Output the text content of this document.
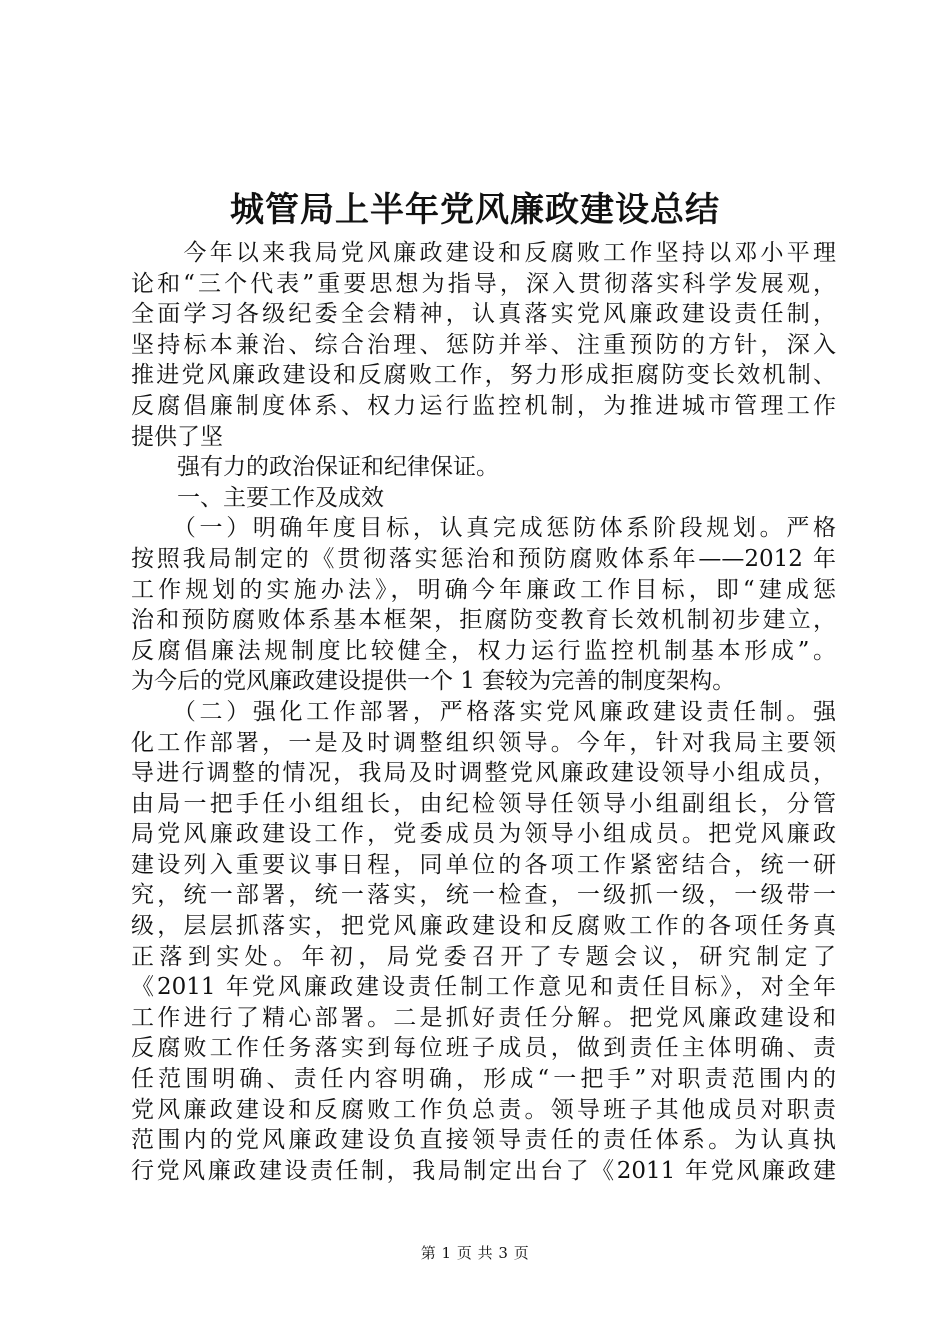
城管局上半年党风廉政建设总结
　　今年以来我局党风廉政建设和反腐败工作坚持以邓小平理
论和“三个代表”重要思想为指导，深入贯彻落实科学发展观，
全面学习各级纪委全会精神，认真落实党风廉政建设责任制，
坚持标本兼治、综合治理、惩防并举、注重预防的方针，深入
推进党风廉政建设和反腐败工作，努力形成拒腐防变长效机制、
反腐倡廉制度体系、权力运行监控机制，为推进城市管理工作
提供了坚
　　强有力的政治保证和纪律保证。
　　一、主要工作及成效
　　（一）明确年度目标，认真完成惩防体系阶段规划。严格
按照我局制定的《贯彻落实惩治和预防腐败体系年——2012 年
工作规划的实施办法》，明确今年廉政工作目标，即“建成惩
治和预防腐败体系基本框架，拒腐防变教育长效机制初步建立，
反腐倡廉法规制度比较健全，权力运行监控机制基本形成”。
为今后的党风廉政建设提供一个 1 套较为完善的制度架构。
　　（二）强化工作部署，严格落实党风廉政建设责任制。强
化工作部署，一是及时调整组织领导。今年，针对我局主要领
导进行调整的情况，我局及时调整党风廉政建设领导小组成员，
由局一把手任小组组长，由纪检领导任领导小组副组长，分管
局党风廉政建设工作，党委成员为领导小组成员。把党风廉政
建设列入重要议事日程，同单位的各项工作紧密结合，统一研
究，统一部署，统一落实，统一检查，一级抓一级，一级带一
级，层层抓落实，把党风廉政建设和反腐败工作的各项任务真
正落到实处。年初，局党委召开了专题会议，研究制定了
《2011 年党风廉政建设责任制工作意见和责任目标》，对全年
工作进行了精心部署。二是抓好责任分解。把党风廉政建设和
反腐败工作任务落实到每位班子成员，做到责任主体明确、责
任范围明确、责任内容明确，形成“一把手”对职责范围内的
党风廉政建设和反腐败工作负总责。领导班子其他成员对职责
范围内的党风廉政建设负直接领导责任的责任体系。为认真执
行党风廉政建设责任制，我局制定出台了《2011 年党风廉政建
第 1 页 共 3 页
